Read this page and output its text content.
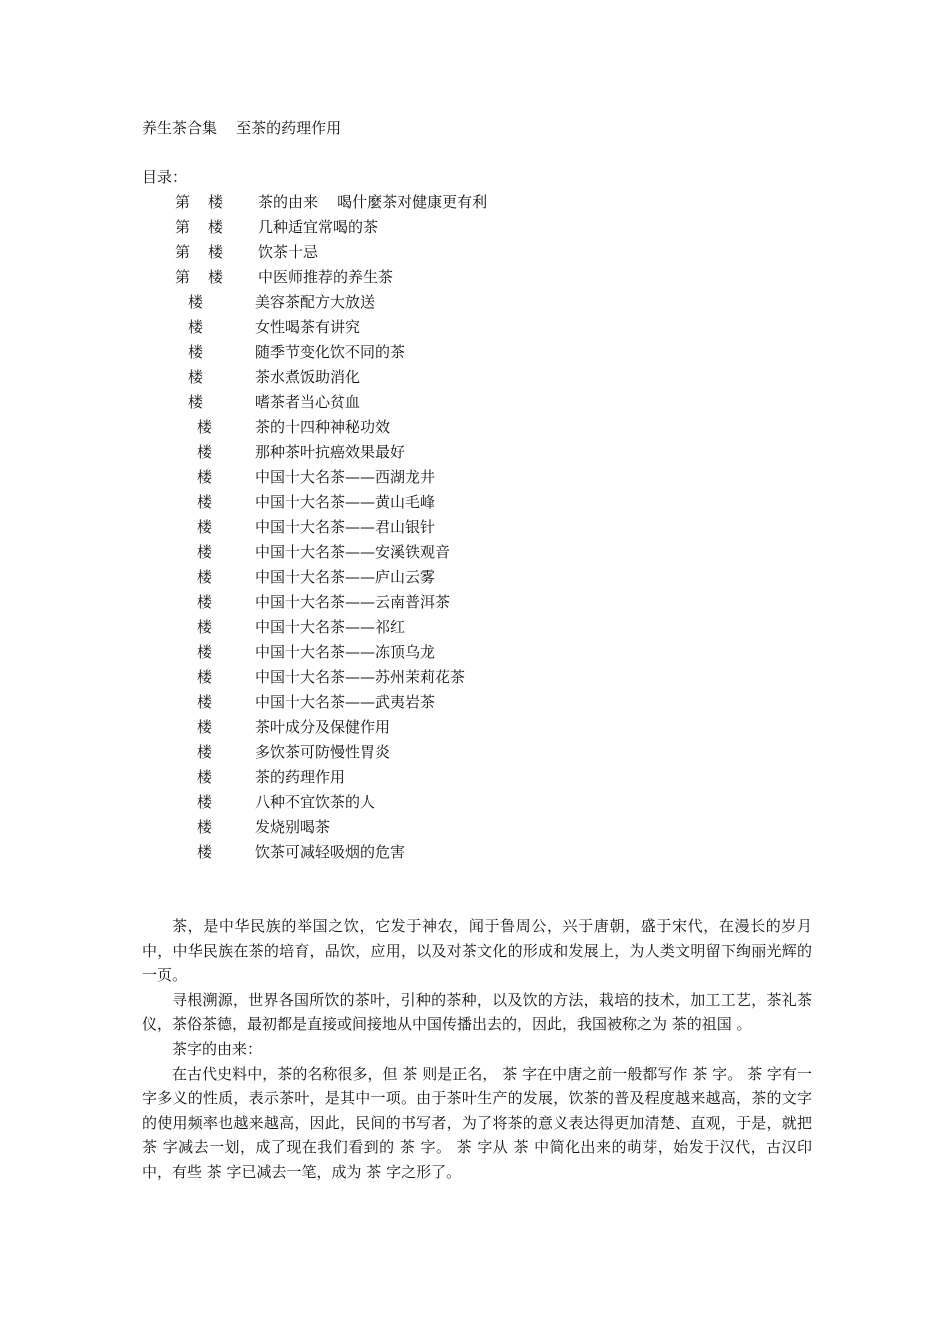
养生茶合集    至茶的药理作用
目录：
第 楼 茶的由来    喝什麼茶对健康更有利
第 楼 几种适宜常喝的茶
第 楼 饮茶十忌
第 楼 中医师推荐的养生茶
楼	美容茶配方大放送
楼	女性喝茶有讲究
楼	随季节变化饮不同的茶
楼	茶水煮饭助消化
楼	嗜茶者当心贫血
楼	茶的十四种神秘功效
楼	那种茶叶抗癌效果最好
楼	中国十大名茶——西湖龙井
楼	中国十大名茶——黄山毛峰
楼	中国十大名茶——君山银针
楼	中国十大名茶——安溪铁观音
楼	中国十大名茶——庐山云雾
楼	中国十大名茶——云南普洱茶
楼	中国十大名茶——祁红
楼	中国十大名茶——冻顶乌龙
楼	中国十大名茶——苏州茉莉花茶
楼	中国十大名茶——武夷岩茶
楼	茶叶成分及保健作用
楼	多饮茶可防慢性胃炎
楼	茶的药理作用
楼	八种不宜饮茶的人
楼	发烧别喝茶
楼	饮茶可减轻吸烟的危害

茶，是中华民族的举国之饮，它发于神农，闻于鲁周公，兴于唐朝，盛于宋代，在漫长的岁月中，中华民族在茶的培育，品饮，应用，以及对茶文化的形成和发展上，为人类文明留下绚丽光辉的一页。

寻根溯源，世界各国所饮的茶叶，引种的茶种，以及饮的方法，栽培的技术，加工工艺，茶礼茶仪，茶俗茶德，最初都是直接或间接地从中国传播出去的，因此，我国被称之为 茶的祖国 。

茶字的由来：

在古代史料中，茶的名称很多，但 茶 则是正名， 茶 字在中唐之前一般都写作 茶 字。 茶 字有一字多义的性质，表示茶叶，是其中一项。由于茶叶生产的发展，饮茶的普及程度越来越高，茶的文字的使用频率也越来越高，因此，民间的书写者，为了将茶的意义表达得更加清楚、直观，于是，就把 茶 字减去一划，成了现在我们看到的 茶 字。 茶 字从 茶 中简化出来的萌芽，始发于汉代，古汉印中，有些 茶 字已减去一笔，成为 茶 字之形了。
